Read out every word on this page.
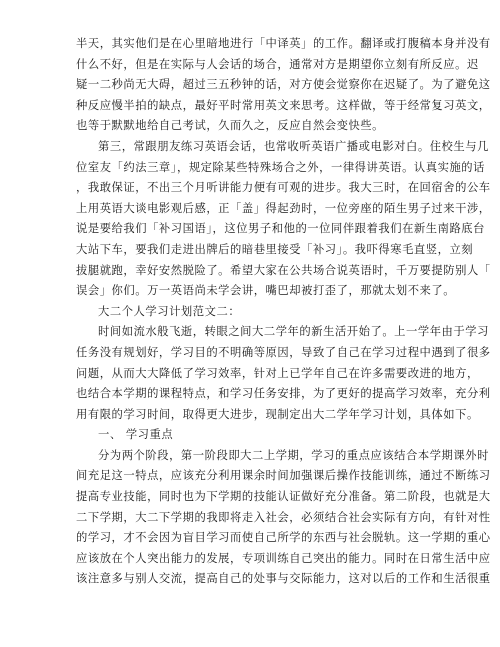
半天，其实他们是在心里暗地进行「中译英」的工作。翻译或打腹稿本身并没有
什么不好，但是在实际与人会话的场合，通常对方是期望你立刻有所反应。迟
疑一二秒尚无大碍，超过三五秒钟的话，对方使会觉察你在迟疑了。为了避免这
种反应慢半拍的缺点，最好平时常用英文来思考。这样做，等于经常复习英文，
也等于默默地给自己考试，久而久之，反应自然会变快些。
第三，常跟朋友练习英语会话，也常收听英语广播或电影对白。住校生与几
位室友「约法三章」，规定除某些特殊场合之外，一律得讲英语。认真实施的话
，我敢保证，不出三个月听讲能力便有可观的进步。我大三时，在回宿舍的公车
上用英语大谈电影观后感，正「盖」得起劲时，一位旁座的陌生男子过来干涉，
说是要给我们「补习国语」，这位男子和他的一位同伴跟着我们在新生南路底台
大站下车，要我们走进出牌后的暗巷里接受「补习」。我吓得寒毛直竖，立刻
拔腿就跑，幸好安然脱险了。希望大家在公共场合说英语时，千万要提防别人「
误会」你们。万一英语尚未学会讲，嘴巴却被打歪了，那就太划不来了。
大二个人学习计划范文二：
时间如流水般飞逝，转眼之间大二学年的新生活开始了。上一学年由于学习
任务没有规划好，学习目的不明确等原因，导致了自己在学习过程中遇到了很多
问题，从而大大降低了学习效率，针对上已学年自己在许多需要改进的地方，
也结合本学期的课程特点，和学习任务安排，为了更好的提高学习效率，充分利
用有限的学习时间，取得更大进步，现制定出大二学年学习计划，具体如下。
一、 学习重点
分为两个阶段，第一阶段即大二上学期，学习的重点应该结合本学期课外时
间充足这一特点，应该充分利用课余时间加强课后操作技能训练，通过不断练习
提高专业技能，同时也为下学期的技能认证做好充分准备。第二阶段，也就是大
二下学期，大二下学期的我即将走入社会，必须结合社会实际有方向，有针对性
的学习，才不会因为盲目学习而使自己所学的东西与社会脱轨。这一学期的重心
应该放在个人突出能力的发展，专项训练自己突出的能力。同时在日常生活中应
该注意多与别人交流，提高自己的处事与交际能力，这对以后的工作和生活很重
